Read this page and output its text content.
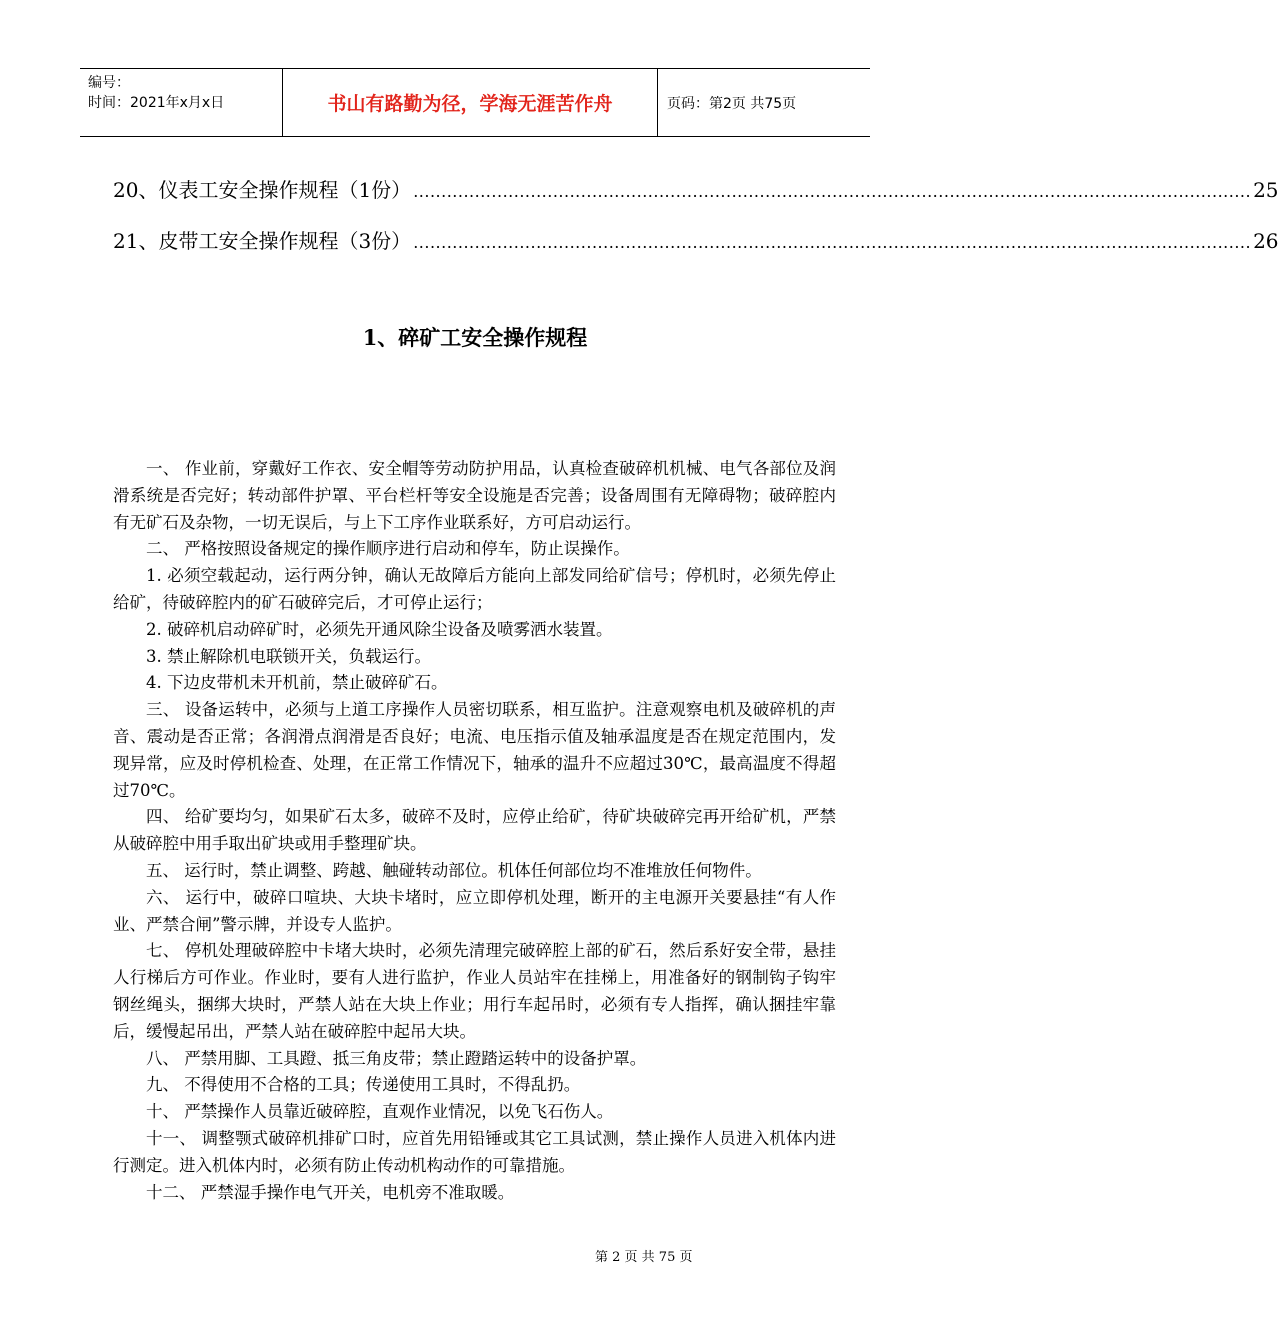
编号：
时间：2021年x月x日	书山有路勤为径，学海无涯苦作舟	页码：第2页 共75页
20、仪表工安全操作规程（1份） ...................................................................................................................................................... 25
21、皮带工安全操作规程（3份） ...................................................................................................................................................... 26
1、碎矿工安全操作规程

一、 作业前，穿戴好工作衣、安全帽等劳动防护用品，认真检查破碎机机械、电气各部位及润滑系统是否完好；转动部件护罩、平台栏杆等安全设施是否完善；设备周围有无障碍物；破碎腔内有无矿石及杂物，一切无误后，与上下工序作业联系好，方可启动运行。

二、 严格按照设备规定的操作顺序进行启动和停车，防止误操作。

1. 必须空载起动，运行两分钟，确认无故障后方能向上部发同给矿信号；停机时，必须先停止给矿，待破碎腔内的矿石破碎完后，才可停止运行；

2. 破碎机启动碎矿时，必须先开通风除尘设备及喷雾洒水装置。

3. 禁止解除机电联锁开关，负载运行。

4. 下边皮带机未开机前，禁止破碎矿石。

三、 设备运转中，必须与上道工序操作人员密切联系，相互监护。注意观察电机及破碎机的声音、震动是否正常；各润滑点润滑是否良好；电流、电压指示值及轴承温度是否在规定范围内，发现异常，应及时停机检查、处理，在正常工作情况下，轴承的温升不应超过30℃，最高温度不得超过70℃。

四、 给矿要均匀，如果矿石太多，破碎不及时，应停止给矿，待矿块破碎完再开给矿机，严禁从破碎腔中用手取出矿块或用手整理矿块。

五、 运行时，禁止调整、跨越、触碰转动部位。机体任何部位均不准堆放任何物件。

六、 运行中，破碎口喧块、大块卡堵时，应立即停机处理，断开的主电源开关要悬挂“有人作业、严禁合闸”警示牌，并设专人监护。

七、 停机处理破碎腔中卡堵大块时，必须先清理完破碎腔上部的矿石，然后系好安全带，悬挂人行梯后方可作业。作业时，要有人进行监护，作业人员站牢在挂梯上，用准备好的钢制钩子钩牢钢丝绳头，捆绑大块时，严禁人站在大块上作业；用行车起吊时，必须有专人指挥，确认捆挂牢靠后，缓慢起吊出，严禁人站在破碎腔中起吊大块。

八、 严禁用脚、工具蹬、抵三角皮带；禁止蹬踏运转中的设备护罩。

九、 不得使用不合格的工具；传递使用工具时，不得乱扔。

十、 严禁操作人员靠近破碎腔，直观作业情况，以免飞石伤人。

十一、 调整颚式破碎机排矿口时，应首先用铅锤或其它工具试测，禁止操作人员进入机体内进行测定。进入机体内时，必须有防止传动机构动作的可靠措施。

十二、 严禁湿手操作电气开关，电机旁不准取暖。

第 2 页 共 75 页
